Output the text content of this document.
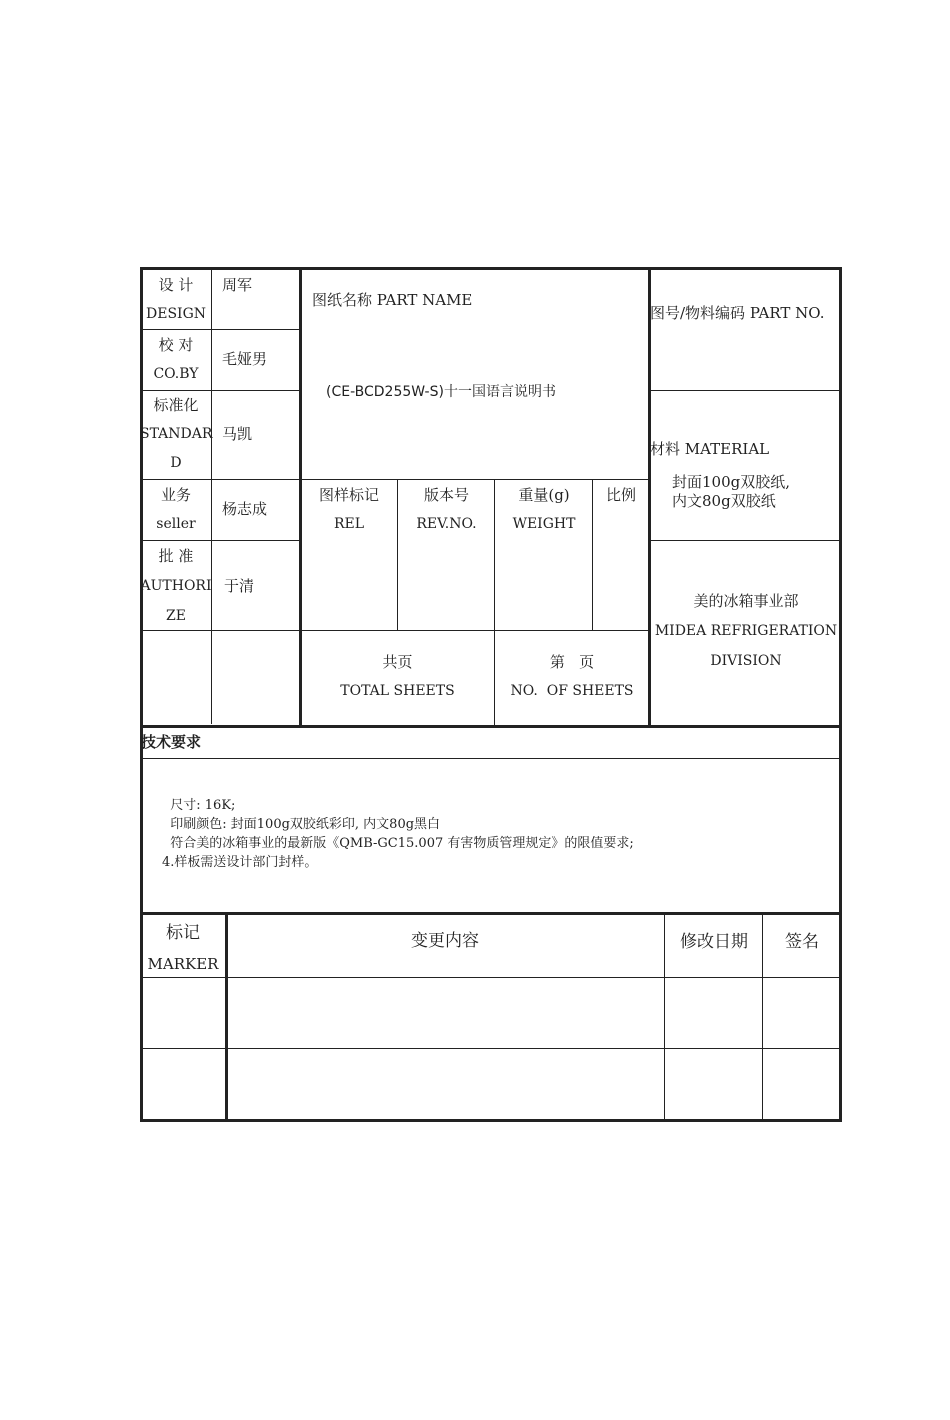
设 计
DESIGN
周军
校 对
CO.BY
毛娅男
标准化
STANDAR
D
马凯
业务
seller
杨志成
批 准
AUTHORI
ZE
于清
图纸名称 PART NAME
(CE-BCD255W-S)十一国语言说明书
图样标记
REL
版本号
REV.NO.
重量(g)
WEIGHT
比例
共页
TOTAL SHEETS
第   页
NO.  OF SHEETS
图号/物料编码 PART NO.
材料 MATERIAL
封面100g双胶纸,
内文80g双胶纸
美的冰箱事业部
MIDEA REFRIGERATION
DIVISION
技术要求
尺寸: 16K;
印刷颜色: 封面100g双胶纸彩印, 内文80g黑白
符合美的冰箱事业的最新版《QMB-GC15.007 有害物质管理规定》的限值要求;
4.样板需送设计部门封样。
标记
MARKER
变更内容	修改日期	签名
